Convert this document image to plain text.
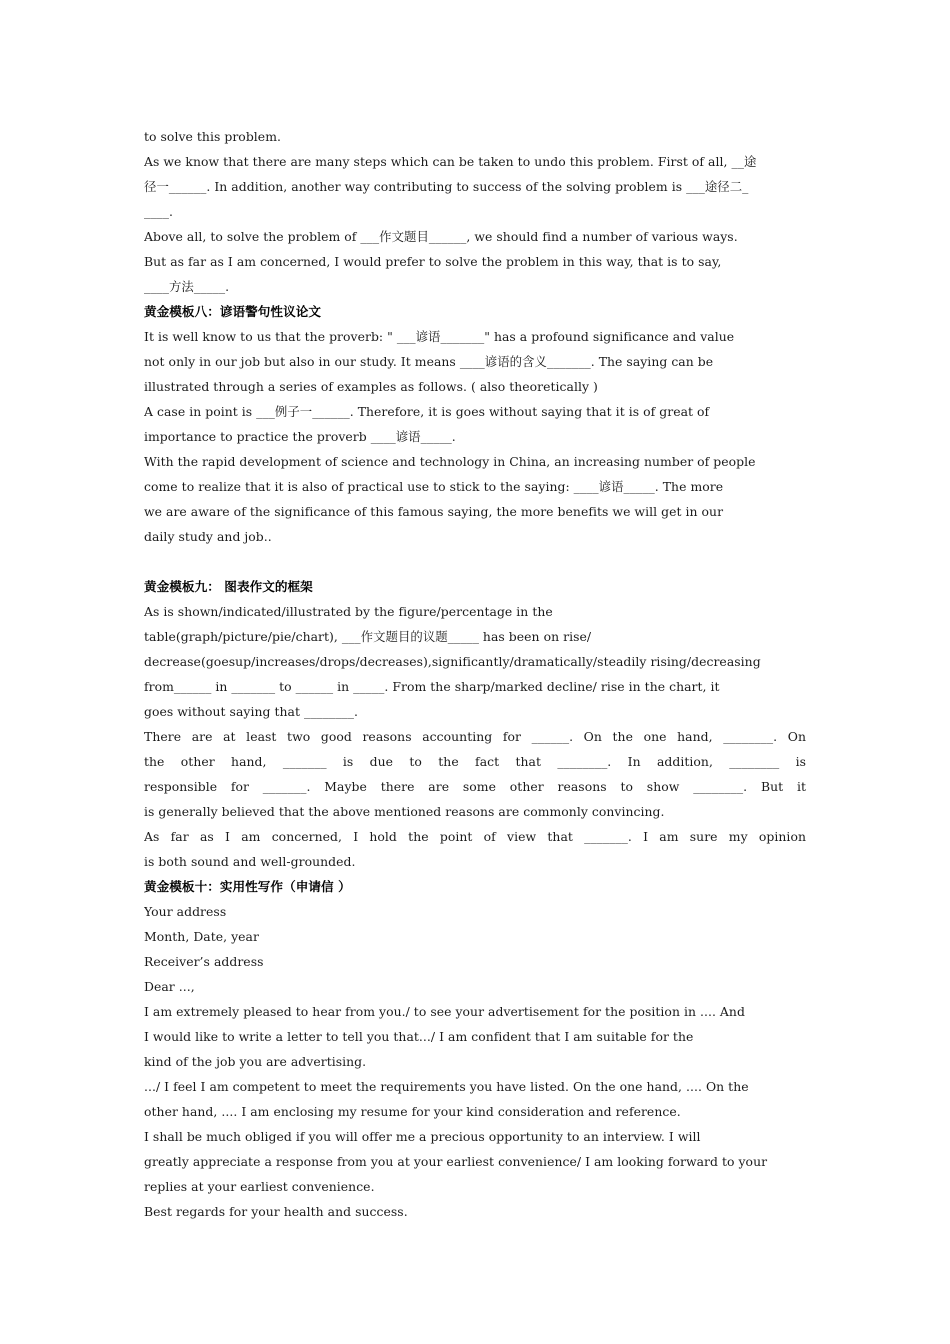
to solve this problem.
As we know that there are many steps which can be taken to undo this problem. First of all, __途
径一______. In addition, another way contributing to success of the solving problem is ___途径二_
____.
Above all, to solve the problem of ___作文题目______, we should find a number of various ways.
But as far as I am concerned, I would prefer to solve the problem in this way, that is to say,
____方法_____.
黄金模板八：谚语警句性议论文
It is well know to us that the proverb: " ___谚语_______" has a profound significance and value
not only in our job but also in our study. It means ____谚语的含义_______. The saying can be
illustrated through a series of examples as follows. ( also theoretically )
A case in point is ___例子一______. Therefore, it is goes without saying that it is of great of
importance to practice the proverb ____谚语_____.
With the rapid development of science and technology in China, an increasing number of people
come to realize that it is also of practical use to stick to the saying: ____谚语_____. The more
we are aware of the significance of this famous saying, the more benefits we will get in our
daily study and job..
黄金模板九： 图表作文的框架
As is shown/indicated/illustrated by the figure/percentage in the
table(graph/picture/pie/chart), ___作文题目的议题_____ has been on rise/
decrease(goesup/increases/drops/decreases),significantly/dramatically/steadily rising/decreasing
from______ in _______ to ______ in _____. From the sharp/marked decline/ rise in the chart, it
goes without saying that ________.
There are at least two good reasons accounting for ______. On the one hand, ________. On
the other hand, _______ is due to the fact that ________. In addition, ________ is
responsible for _______. Maybe there are some other reasons to show ________. But it
is generally believed that the above mentioned reasons are commonly convincing.
As far as I am concerned, I hold the point of view that _______. I am sure my opinion
is both sound and well-grounded.
黄金模板十：实用性写作（申请信 ）
Your address
Month, Date, year
Receiver’s address
Dear ...,
I am extremely pleased to hear from you./ to see your advertisement for the position in .... And
I would like to write a letter to tell you that.../ I am confident that I am suitable for the
kind of the job you are advertising.
.../ I feel I am competent to meet the requirements you have listed. On the one hand, .... On the
other hand, .... I am enclosing my resume for your kind consideration and reference.
I shall be much obliged if you will offer me a precious opportunity to an interview. I will
greatly appreciate a response from you at your earliest convenience/ I am looking forward to your
replies at your earliest convenience.
Best regards for your health and success.
